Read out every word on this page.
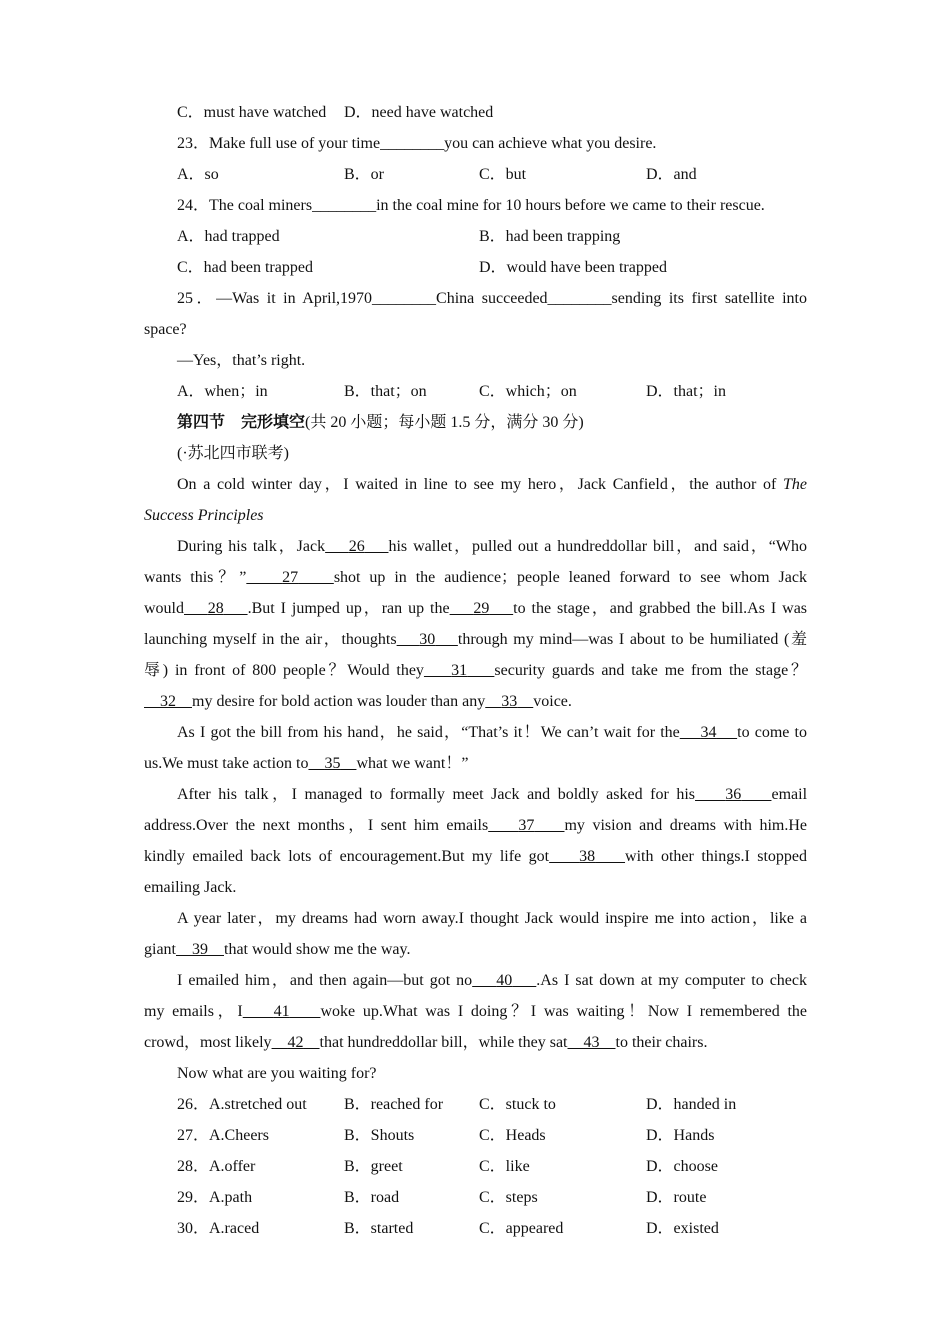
C．must have watched D．need have watched
23．Make full use of your time________you can achieve what you desire.
A．so	B．or	C．but	D．and
24．The coal miners________in the coal mine for 10 hours before we came to their rescue.
A．had trapped	B．had been trapping
C．had been trapped	D．would have been trapped
25．—Was it in April,1970________China succeeded________sending its first satellite into
space?
—Yes，that’s right.
A．when；in	B．that；on	C．which；on	D．that；in
第四节　完形填空(共 20 小题；每小题 1.5 分，满分 30 分)
(·苏北四市联考)
On a cold winter day，I waited in line to see my hero，Jack Canfield，the author of The
Success Principles
During his talk，Jack 26 his wallet，pulled out a hundreddollar bill，and said，“Who
wants this？” 27 shot up in the audience；people leaned forward to see whom Jack
would 28 .But I jumped up，ran up the 29 to the stage，and grabbed the bill.As I was
launching myself in the air，thoughts 30 through my mind—was I about to be humiliated (羞
辱) in front of 800 people？Would they 31 security guards and take me from the stage？
32 my desire for bold action was louder than any 33 voice.
As I got the bill from his hand，he said，“That’s it！We can’t wait for the 34 to come to
us.We must take action to 35 what we want！”
After his talk，I managed to formally meet Jack and boldly asked for his 36 email
address.Over the next months，I sent him emails 37 my vision and dreams with him.He
kindly emailed back lots of encouragement.But my life got 38 with other things.I stopped
emailing Jack.
A year later，my dreams had worn away.I thought Jack would inspire me into action，like a
giant 39 that would show me the way.
I emailed him，and then again—but got no 40 .As I sat down at my computer to check
my emails，I 41 woke up.What was I doing？I was waiting！Now I remembered the
crowd，most likely 42 that hundreddollar bill，while they sat 43 to their chairs.
Now what are you waiting for?
26．A.stretched out B．reached for C．stuck to	D．handed in
27．A.Cheers	B．Shouts	C．Heads	D．Hands
28．A.offer	B．greet	C．like	D．choose
29．A.path	B．road	C．steps	D．route
30．A.raced	B．started	C．appeared	D．existed
